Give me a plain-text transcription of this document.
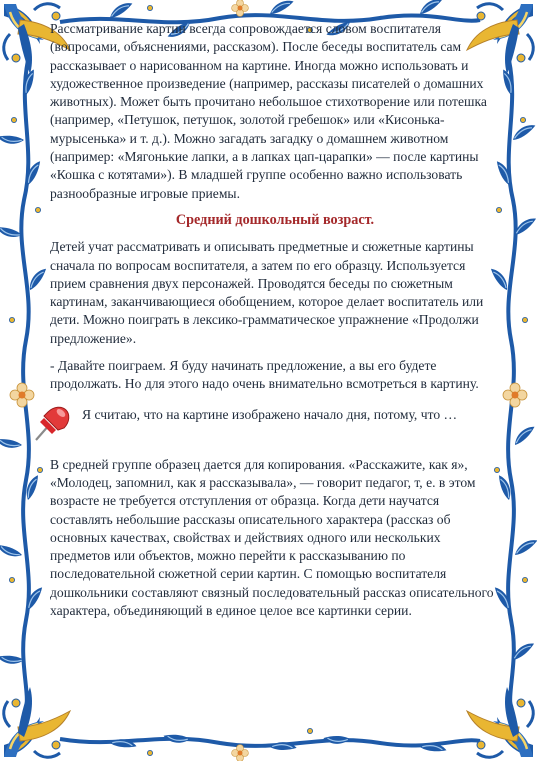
Рассматривание картин всегда сопровождается словом воспитателя (вопросами, объяснениями, рассказом). После беседы воспитатель сам рассказывает о нарисованном на картине. Иногда можно использовать и художественное произведение (например, рассказы писателей о домашних животных). Может быть прочитано небольшое стихотворение или потешка (например, «Петушок, петушок, золотой гребешок» или «Кисонька-мурысенька» и т. д.). Можно загадать загадку о домашнем животном (например: «Мягонькие лапки, а в лапках цап-царапки» — после картины «Кошка с котятами»). В младшей группе особенно важно использовать разнообразные игровые приемы.

Средний дошкольный возраст.

Детей учат рассматривать и описывать предметные и сюжетные картины сначала по вопросам воспитателя, а затем по его образцу. Используется прием сравнения двух персонажей. Проводятся беседы по сюжетным картинам, заканчивающиеся обобщением, которое делает воспитатель или дети. Можно поиграть в лексико-грамматическое упражнение «Продолжи предложение».

- Давайте поиграем. Я буду начинать предложение, а вы его будете продолжать. Но для этого надо очень внимательно всмотреться в картину.

Я считаю, что на картине изображено начало дня, потому, что …

В средней группе образец дается для копирования. «Расскажите, как я», «Молодец, запомнил, как я рассказывала», — говорит педагог, т, е. в этом возрасте не требуется отступления от образца. Когда дети научатся составлять небольшие рассказы описательного характера (рассказ об основных качествах, свойствах и действиях одного или нескольких предметов или объектов, можно перейти к рассказыванию по последовательной сюжетной серии картин. С помощью воспитателя дошкольники составляют связный последовательный рассказ описательного характера, объединяющий в единое целое все картинки серии.
